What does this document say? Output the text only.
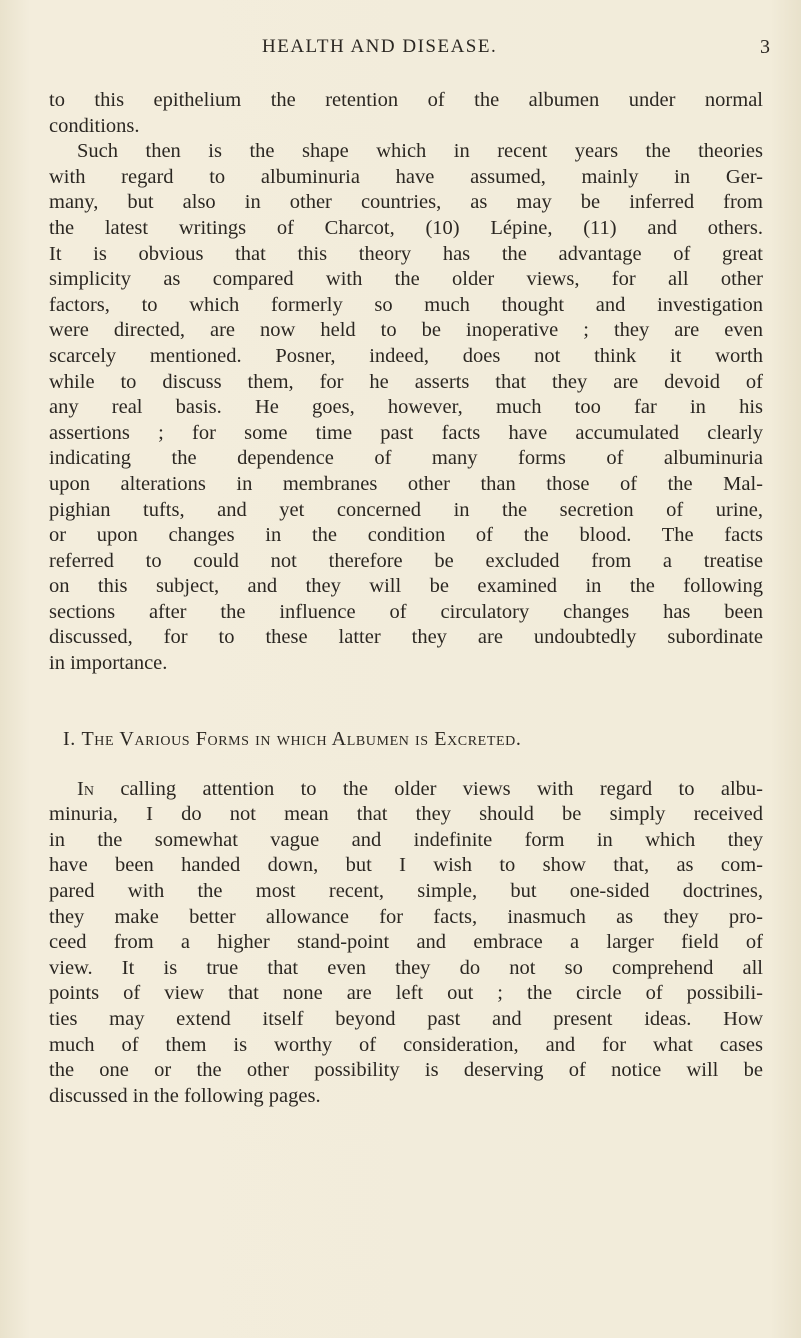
HEALTH AND DISEASE.	3
to this epithelium the retention of the albumen under normal
conditions.
Such then is the shape which in recent years the theories
with regard to albuminuria have assumed, mainly in Ger-
many, but also in other countries, as may be inferred from
the latest writings of Charcot, (10) Lépine, (11) and others.
It is obvious that this theory has the advantage of great
simplicity as compared with the older views, for all other
factors, to which formerly so much thought and investigation
were directed, are now held to be inoperative ; they are even
scarcely mentioned. Posner, indeed, does not think it worth
while to discuss them, for he asserts that they are devoid of
any real basis. He goes, however, much too far in his
assertions ; for some time past facts have accumulated clearly
indicating the dependence of many forms of albuminuria
upon alterations in membranes other than those of the Mal-
pighian tufts, and yet concerned in the secretion of urine,
or upon changes in the condition of the blood. The facts
referred to could not therefore be excluded from a treatise
on this subject, and they will be examined in the following
sections after the influence of circulatory changes has been
discussed, for to these latter they are undoubtedly subordinate
in importance.
I. The Various Forms in which Albumen is Excreted.
In calling attention to the older views with regard to albu-
minuria, I do not mean that they should be simply received
in the somewhat vague and indefinite form in which they
have been handed down, but I wish to show that, as com-
pared with the most recent, simple, but one-sided doctrines,
they make better allowance for facts, inasmuch as they pro-
ceed from a higher stand-point and embrace a larger field of
view. It is true that even they do not so comprehend all
points of view that none are left out ; the circle of possibili-
ties may extend itself beyond past and present ideas. How
much of them is worthy of consideration, and for what cases
the one or the other possibility is deserving of notice will be
discussed in the following pages.
